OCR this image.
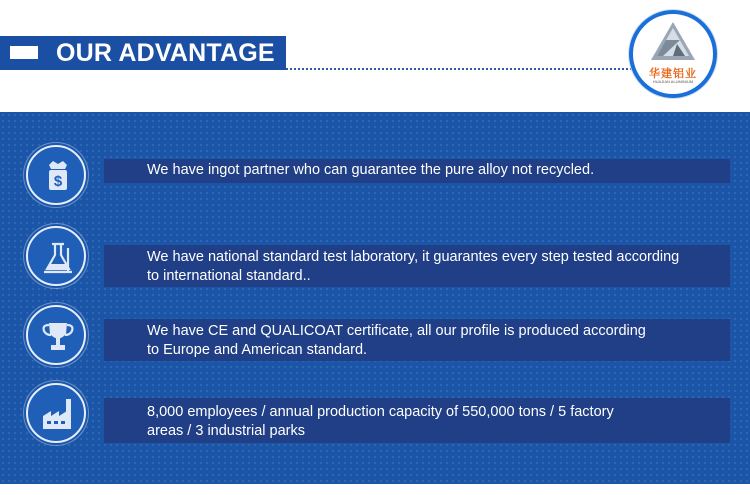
OUR ADVANTAGE
华建铝业
HUAJIAN ALUMINIUM
$
We have ingot partner who can guarantee the pure alloy not recycled.
We have national standard test laboratory, it guarantes every step tested according
to international standard..
We have CE and QUALICOAT certificate, all our profile is produced according
to Europe and American standard.
8,000 employees / annual production capacity of 550,000 tons / 5 factory
areas / 3 industrial parks
